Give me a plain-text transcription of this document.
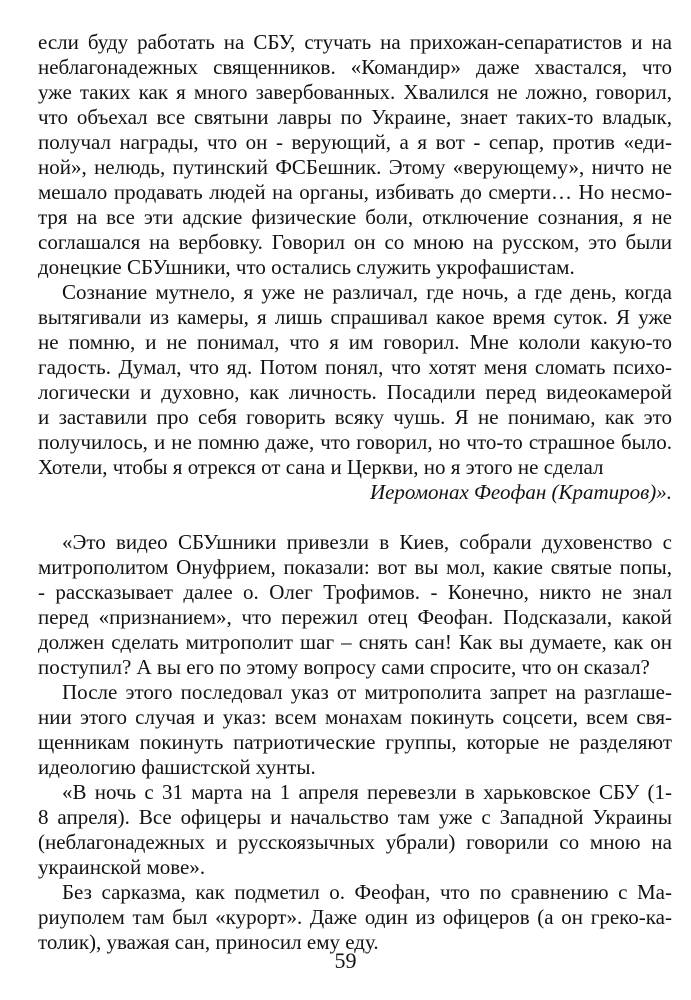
если буду работать на СБУ, стучать на прихожан-сепаратистов и на
неблагонадежных священников. «Командир» даже хвастался, что
уже таких как я много завербованных. Хвалился не ложно, говорил,
что объехал все святыни лавры по Украине, знает таких-то владык,
получал награды, что он - верующий, а я вот - сепар, против «еди-
ной», нелюдь, путинский ФСБешник. Этому «верующему», ничто не
мешало продавать людей на органы, избивать до смерти… Но несмо-
тря на все эти адские физические боли, отключение сознания, я не
соглашался на вербовку. Говорил он со мною на русском, это были
донецкие СБУшники, что остались служить укрофашистам.
Сознание мутнело, я уже не различал, где ночь, а где день, когда
вытягивали из камеры, я лишь спрашивал какое время суток. Я уже
не помню, и не понимал, что я им говорил. Мне кололи какую-то
гадость. Думал, что яд. Потом понял, что хотят меня сломать психо-
логически и духовно, как личность. Посадили перед видеокамерой
и заставили про себя говорить всяку чушь. Я не понимаю, как это
получилось, и не помню даже, что говорил, но что-то страшное было.
Хотели, чтобы я отрекся от сана и Церкви, но я этого не сделал
Иеромонах Феофан (Кратиров)».
«Это видео СБУшники привезли в Киев, собрали духовенство с
митрополитом Онуфрием, показали: вот вы мол, какие святые попы,
- рассказывает далее о. Олег Трофимов. - Конечно, никто не знал
перед «признанием», что пережил отец Феофан. Подсказали, какой
должен сделать митрополит шаг – снять сан! Как вы думаете, как он
поступил? А вы его по этому вопросу сами спросите, что он сказал?
После этого последовал указ от митрополита запрет на разглаше-
нии этого случая и указ: всем монахам покинуть соцсети, всем свя-
щенникам покинуть патриотические группы, которые не разделяют
идеологию фашистской хунты.
«В ночь с 31 марта на 1 апреля перевезли в харьковское СБУ (1-
8 апреля). Все офицеры и начальство там уже с Западной Украины
(неблагонадежных и русскоязычных убрали) говорили со мною на
украинской мове».
Без сарказма, как подметил о. Феофан, что по сравнению с Ма-
риуполем там был «курорт». Даже один из офицеров (а он греко-ка-
толик), уважая сан, приносил ему еду.
59
